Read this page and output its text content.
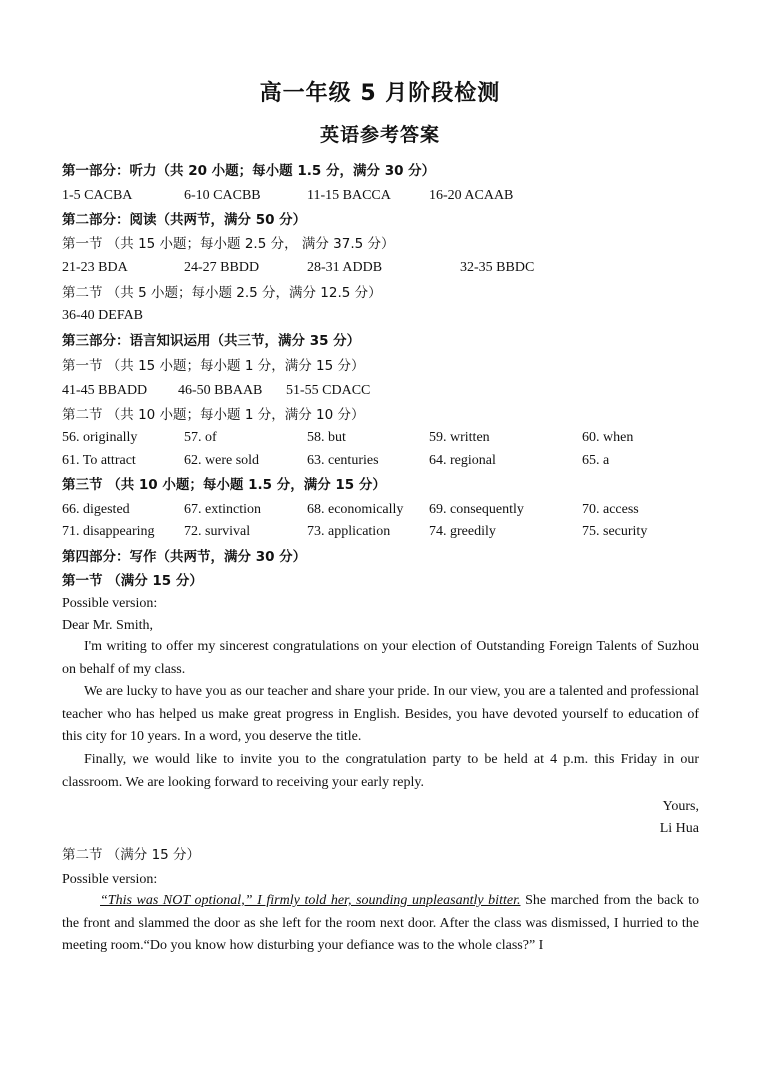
高一年级 5 月阶段检测
英语参考答案
第一部分：听力（共 20 小题；每小题 1.5 分，满分 30 分）
1-5 CACBA	6-10 CACBB	11-15 BACCA	16-20 ACAAB
第二部分：阅读（共两节，满分 50 分）
第一节 （共 15 小题；每小题 2.5 分， 满分 37.5 分）
21-23 BDA	24-27 BBDD	28-31 ADDB	32-35 BBDC
第二节 （共 5 小题；每小题 2.5 分，满分 12.5 分）
36-40 DEFAB
第三部分：语言知识运用（共三节，满分 35 分）
第一节 （共 15 小题；每小题 1 分，满分 15 分）
41-45 BBADD 46-50 BBAAB 51-55 CDACC
第二节 （共 10 小题；每小题 1 分，满分 10 分）
56. originally	57. of	58. but	59. written	60. when
61. To attract	62. were sold	63. centuries	64. regional	65. a
第三节 （共 10 小题；每小题 1.5 分，满分 15 分）
66. digested	67. extinction	68. economically 69. consequently	70. access
71. disappearing 72. survival	73. application	74. greedily	75. security
第四部分：写作（共两节，满分 30 分）
第一节 （满分 15 分）
Possible version:
Dear Mr. Smith,
I'm writing to offer my sincerest congratulations on your election of Outstanding Foreign Talents of Suzhou on behalf of my class.
We are lucky to have you as our teacher and share your pride. In our view, you are a talented and professional teacher who has helped us make great progress in English. Besides, you have devoted yourself to education of this city for 10 years. In a word, you deserve the title.
Finally, we would like to invite you to the congratulation party to be held at 4 p.m. this Friday in our classroom. We are looking forward to receiving your early reply.
Yours,
Li Hua
第二节 （满分 15 分）
Possible version:
“This was NOT optional,” I firmly told her, sounding unpleasantly bitter. She marched from the back to the front and slammed the door as she left for the room next door. After the class was dismissed, I hurried to the meeting room.“Do you know how disturbing your defiance was to the whole class?” I
